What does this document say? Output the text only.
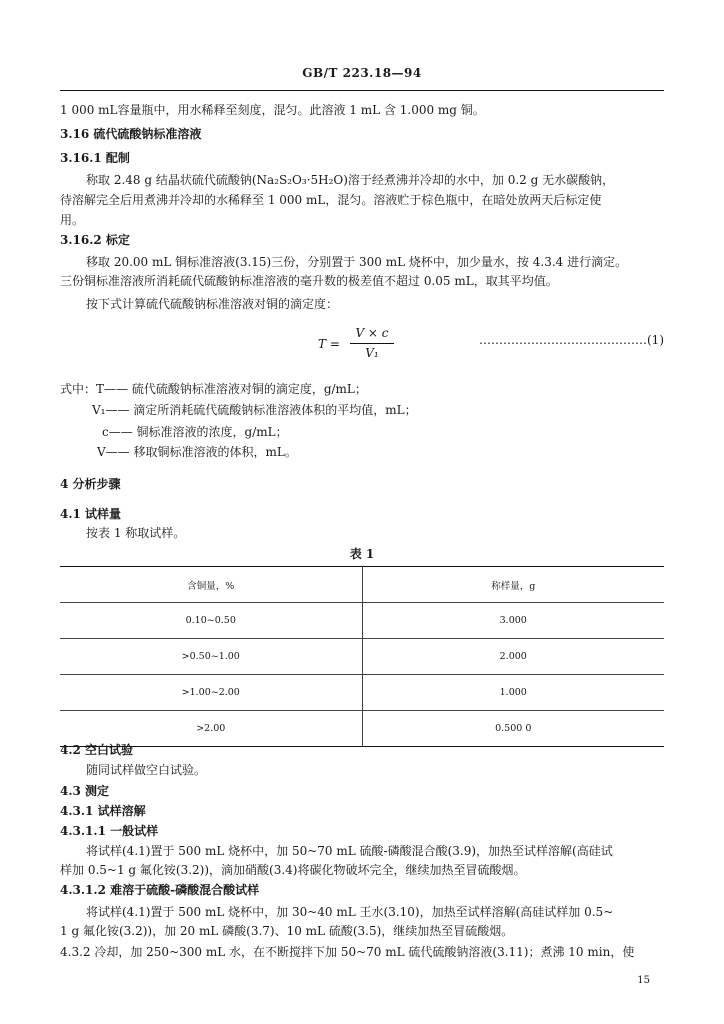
GB/T 223.18—94
1 000 mL容量瓶中，用水稀释至刻度，混匀。此溶液 1 mL 含 1.000 mg 铜。
3.16 硫代硫酸钠标准溶液
3.16.1 配制
称取 2.48 g 结晶状硫代硫酸钠(Na₂S₂O₃·5H₂O)溶于经煮沸并冷却的水中，加 0.2 g 无水碳酸钠，
待溶解完全后用煮沸并冷却的水稀释至 1 000 mL，混匀。溶液贮于棕色瓶中，在暗处放两天后标定使
用。
3.16.2 标定
移取 20.00 mL 铜标准溶液(3.15)三份，分别置于 300 mL 烧杯中，加少量水，按 4.3.4 进行滴定。
三份铜标准溶液所消耗硫代硫酸钠标准溶液的毫升数的极差值不超过 0.05 mL，取其平均值。
按下式计算硫代硫酸钠标准溶液对铜的滴定度：
T =
V × c
V₁
……………………………………(1)
式中：T—— 硫代硫酸钠标准溶液对铜的滴定度，g/mL；
V₁—— 滴定所消耗硫代硫酸钠标准溶液体积的平均值，mL；
c—— 铜标准溶液的浓度，g/mL；
V—— 移取铜标准溶液的体积，mL。
4 分析步骤
4.1 试样量
按表 1 称取试样。
表 1
含铜量，%	称样量，g
0.10~0.50	3.000
>0.50~1.00	2.000
>1.00~2.00	1.000
>2.00	0.500 0
4.2 空白试验
随同试样做空白试验。
4.3 测定
4.3.1 试样溶解
4.3.1.1 一般试样
将试样(4.1)置于 500 mL 烧杯中，加 50~70 mL 硫酸-磷酸混合酸(3.9)，加热至试样溶解(高硅试
样加 0.5~1 g 氟化铵(3.2))，滴加硝酸(3.4)将碳化物破坏完全，继续加热至冒硫酸烟。
4.3.1.2 难溶于硫酸-磷酸混合酸试样
将试样(4.1)置于 500 mL 烧杯中，加 30~40 mL 王水(3.10)，加热至试样溶解(高硅试样加 0.5~
1 g 氟化铵(3.2))，加 20 mL 磷酸(3.7)、10 mL 硫酸(3.5)，继续加热至冒硫酸烟。
4.3.2 冷却，加 250~300 mL 水，在不断搅拌下加 50~70 mL 硫代硫酸钠溶液(3.11)；煮沸 10 min，使
15
